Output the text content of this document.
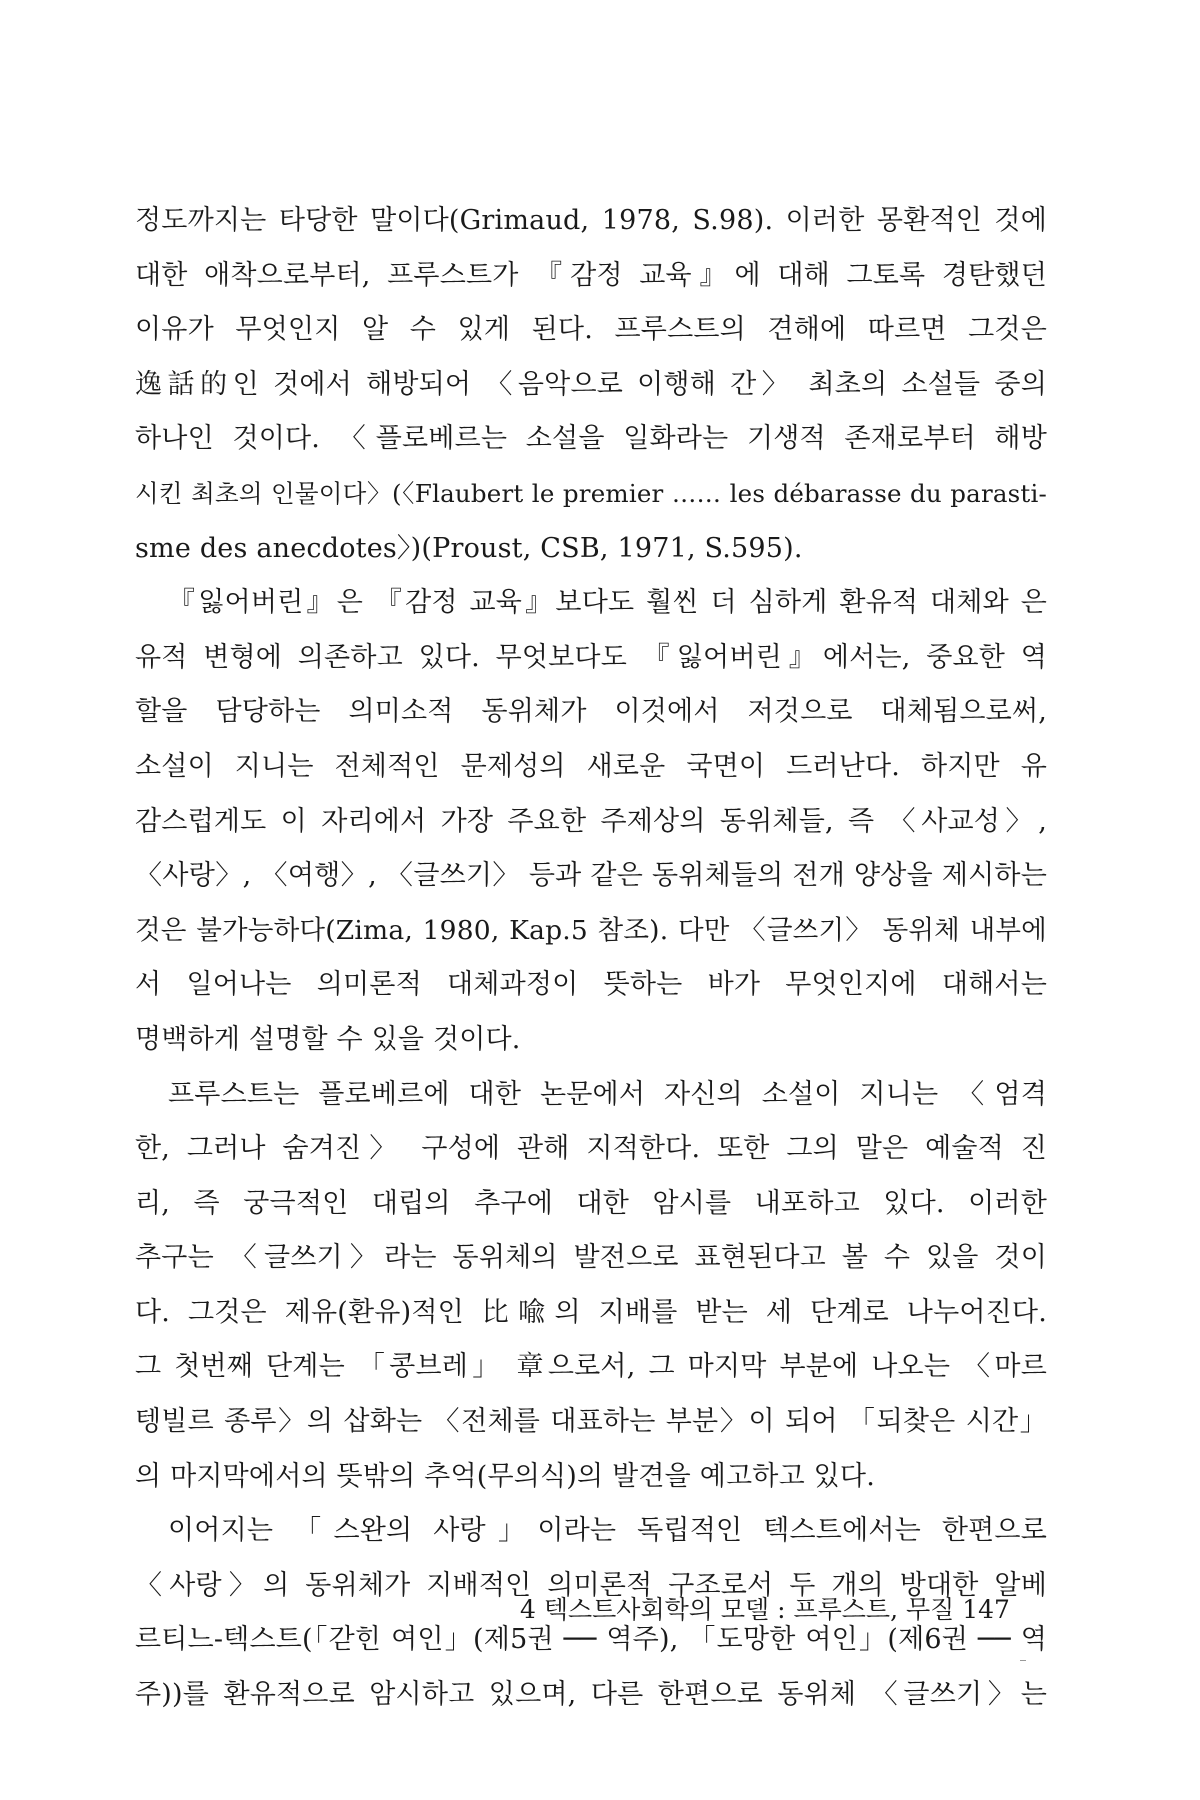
정도까지는 타당한 말이다(Grimaud, 1978, S.98). 이러한 몽환적인 것에
대한 애착으로부터, 프루스트가 『감정 교육』에 대해 그토록 경탄했던
이유가 무엇인지 알 수 있게 된다. 프루스트의 견해에 따르면 그것은
逸話的인 것에서 해방되어 〈음악으로 이행해 간〉 최초의 소설들 중의
하나인 것이다. 〈플로베르는 소설을 일화라는 기생적 존재로부터 해방
시킨 최초의 인물이다〉(〈Flaubert le premier …… les débarasse du parasti-
sme des anecdotes〉)(Proust, CSB, 1971, S.595).
『잃어버린』은 『감정 교육』보다도 훨씬 더 심하게 환유적 대체와 은
유적 변형에 의존하고 있다. 무엇보다도 『잃어버린』에서는, 중요한 역
할을 담당하는 의미소적 동위체가 이것에서 저것으로 대체됨으로써,
소설이 지니는 전체적인 문제성의 새로운 국면이 드러난다. 하지만 유
감스럽게도 이 자리에서 가장 주요한 주제상의 동위체들, 즉 〈사교성〉,
〈사랑〉, 〈여행〉, 〈글쓰기〉 등과 같은 동위체들의 전개 양상을 제시하는
것은 불가능하다(Zima, 1980, Kap.5 참조). 다만 〈글쓰기〉 동위체 내부에
서 일어나는 의미론적 대체과정이 뜻하는 바가 무엇인지에 대해서는
명백하게 설명할 수 있을 것이다.
프루스트는 플로베르에 대한 논문에서 자신의 소설이 지니는 〈엄격
한, 그러나 숨겨진〉 구성에 관해 지적한다. 또한 그의 말은 예술적 진
리, 즉 궁극적인 대립의 추구에 대한 암시를 내포하고 있다. 이러한
추구는 〈글쓰기〉라는 동위체의 발전으로 표현된다고 볼 수 있을 것이
다. 그것은 제유(환유)적인 比喩의 지배를 받는 세 단계로 나누어진다.
그 첫번째 단계는 「콩브레」 章으로서, 그 마지막 부분에 나오는 〈마르
텡빌르 종루〉의 삽화는 〈전체를 대표하는 부분〉이 되어 「되찾은 시간」
의 마지막에서의 뜻밖의 추억(무의식)의 발견을 예고하고 있다.
이어지는 「스완의 사랑」이라는 독립적인 텍스트에서는 한편으로
〈사랑〉의 동위체가 지배적인 의미론적 구조로서 두 개의 방대한 알베
르티느-텍스트(「갇힌 여인」(제5권 ── 역주), 「도망한 여인」(제6권 ── 역
주))를 환유적으로 암시하고 있으며, 다른 한편으로 동위체 〈글쓰기〉는
4 텍스트사회학의 모델 : 프루스트, 무질 147
